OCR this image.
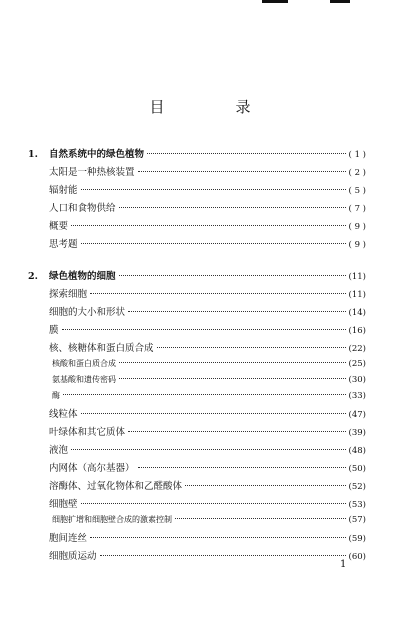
目　录
1.	自然系统中的绿色植物	( 1 )
太阳是一种热核装置	( 2 )
辐射能	( 5 )
人口和食物供给	( 7 )
概要	( 9 )
思考题	( 9 )
2.	绿色植物的细胞	(11)
探索细胞	(11)
细胞的大小和形状	(14)
膜	(16)
核、核糖体和蛋白质合成	(22)
核酸和蛋白质合成	(25)
氨基酸和遗传密码	(30)
酶	(33)
线粒体	(47)
叶绿体和其它质体	(39)
液泡	(48)
内网体（高尔基器）	(50)
溶酶体、过氧化物体和乙醛酸体	(52)
细胞壁	(53)
细胞扩增和细胞壁合成的激素控制	(57)
胞间连丝	(59)
细胞质运动	(60)
1
